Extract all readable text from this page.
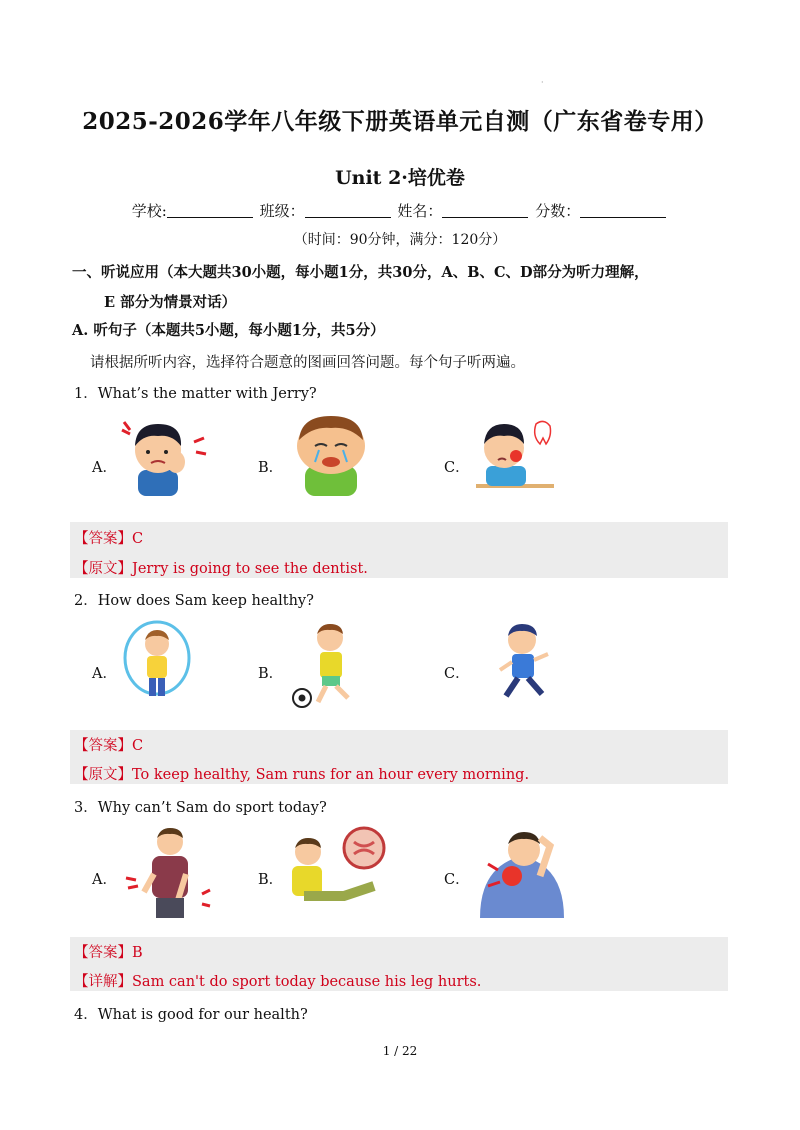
·
2025-2026学年八年级下册英语单元自测（广东省卷专用）
Unit 2·培优卷
学校:	班级：	姓名：	分数：
（时间：90分钟，满分：120分）
一、听说应用（本大题共30小题，每小题1分，共30分，A、B、C、D部分为听力理解，
E 部分为情景对话）
A. 听句子（本题共5小题，每小题1分，共5分）
请根据所听内容，选择符合题意的图画回答问题。每个句子听两遍。
1．What’s the matter with Jerry?
A．	B．	C．
【答案】C
【原文】Jerry is going to see the dentist.
2．How does Sam keep healthy?
A．	B．	C．
【答案】C
【原文】To keep healthy, Sam runs for an hour every morning.
3．Why can’t Sam do sport today?
A．	B．	C．
【答案】B
【详解】Sam can't do sport today because his leg hurts.
4．What is good for our health?
1 / 22
